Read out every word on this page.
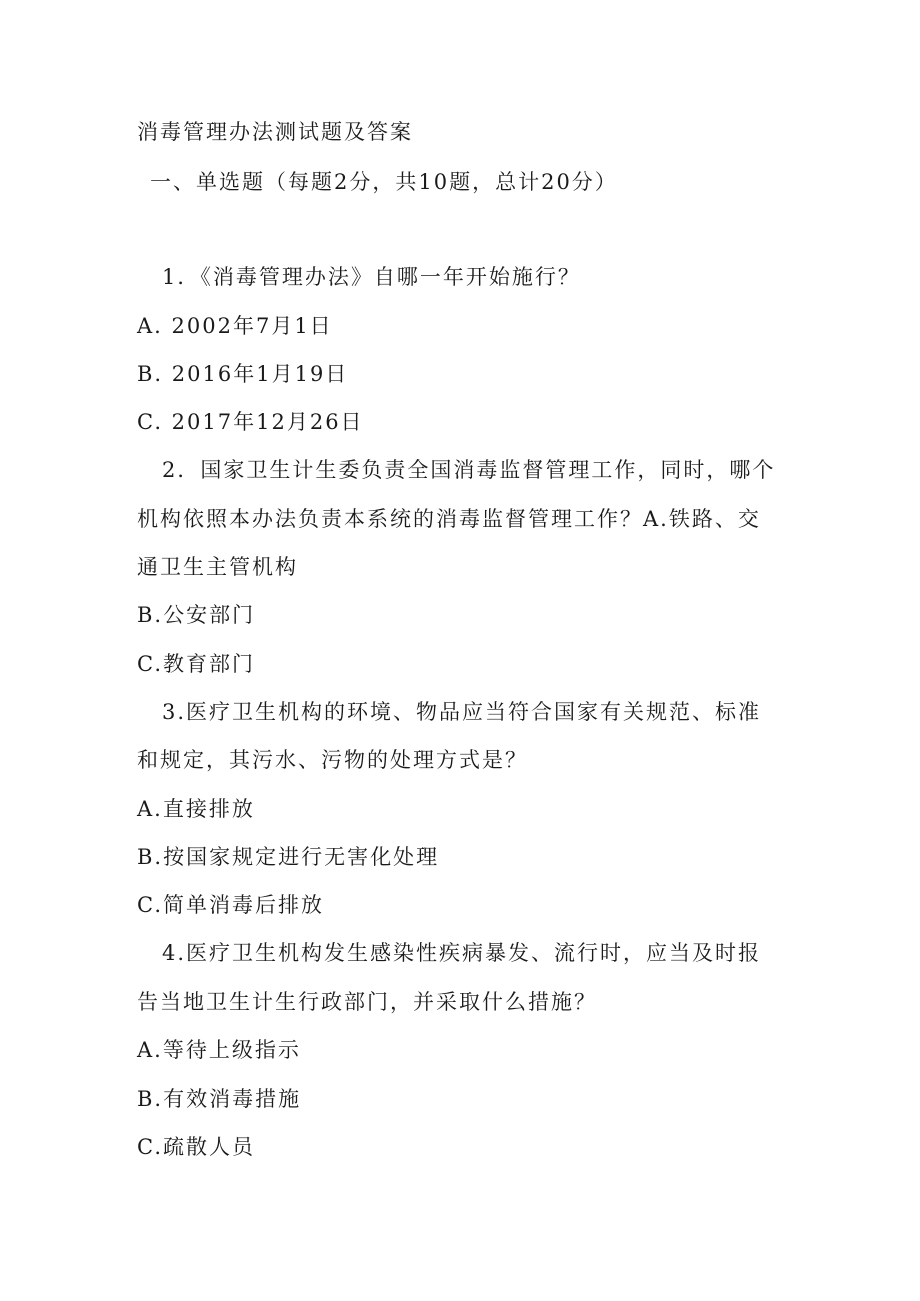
消毒管理办法测试题及答案
一、单选题（每题2分，共10题，总计20分）
1．《消毒管理办法》自哪一年开始施行？
A. 2002年7月1日
B. 2016年1月19日
C. 2017年12月26日
2．国家卫生计生委负责全国消毒监督管理工作，同时，哪个
机构依照本办法负责本系统的消毒监督管理工作？A.铁路、交
通卫生主管机构
B.公安部门
C.教育部门
3.医疗卫生机构的环境、物品应当符合国家有关规范、标准
和规定，其污水、污物的处理方式是？
A.直接排放
B.按国家规定进行无害化处理
C.简单消毒后排放
4.医疗卫生机构发生感染性疾病暴发、流行时，应当及时报
告当地卫生计生行政部门，并采取什么措施？
A.等待上级指示
B.有效消毒措施
C.疏散人员
